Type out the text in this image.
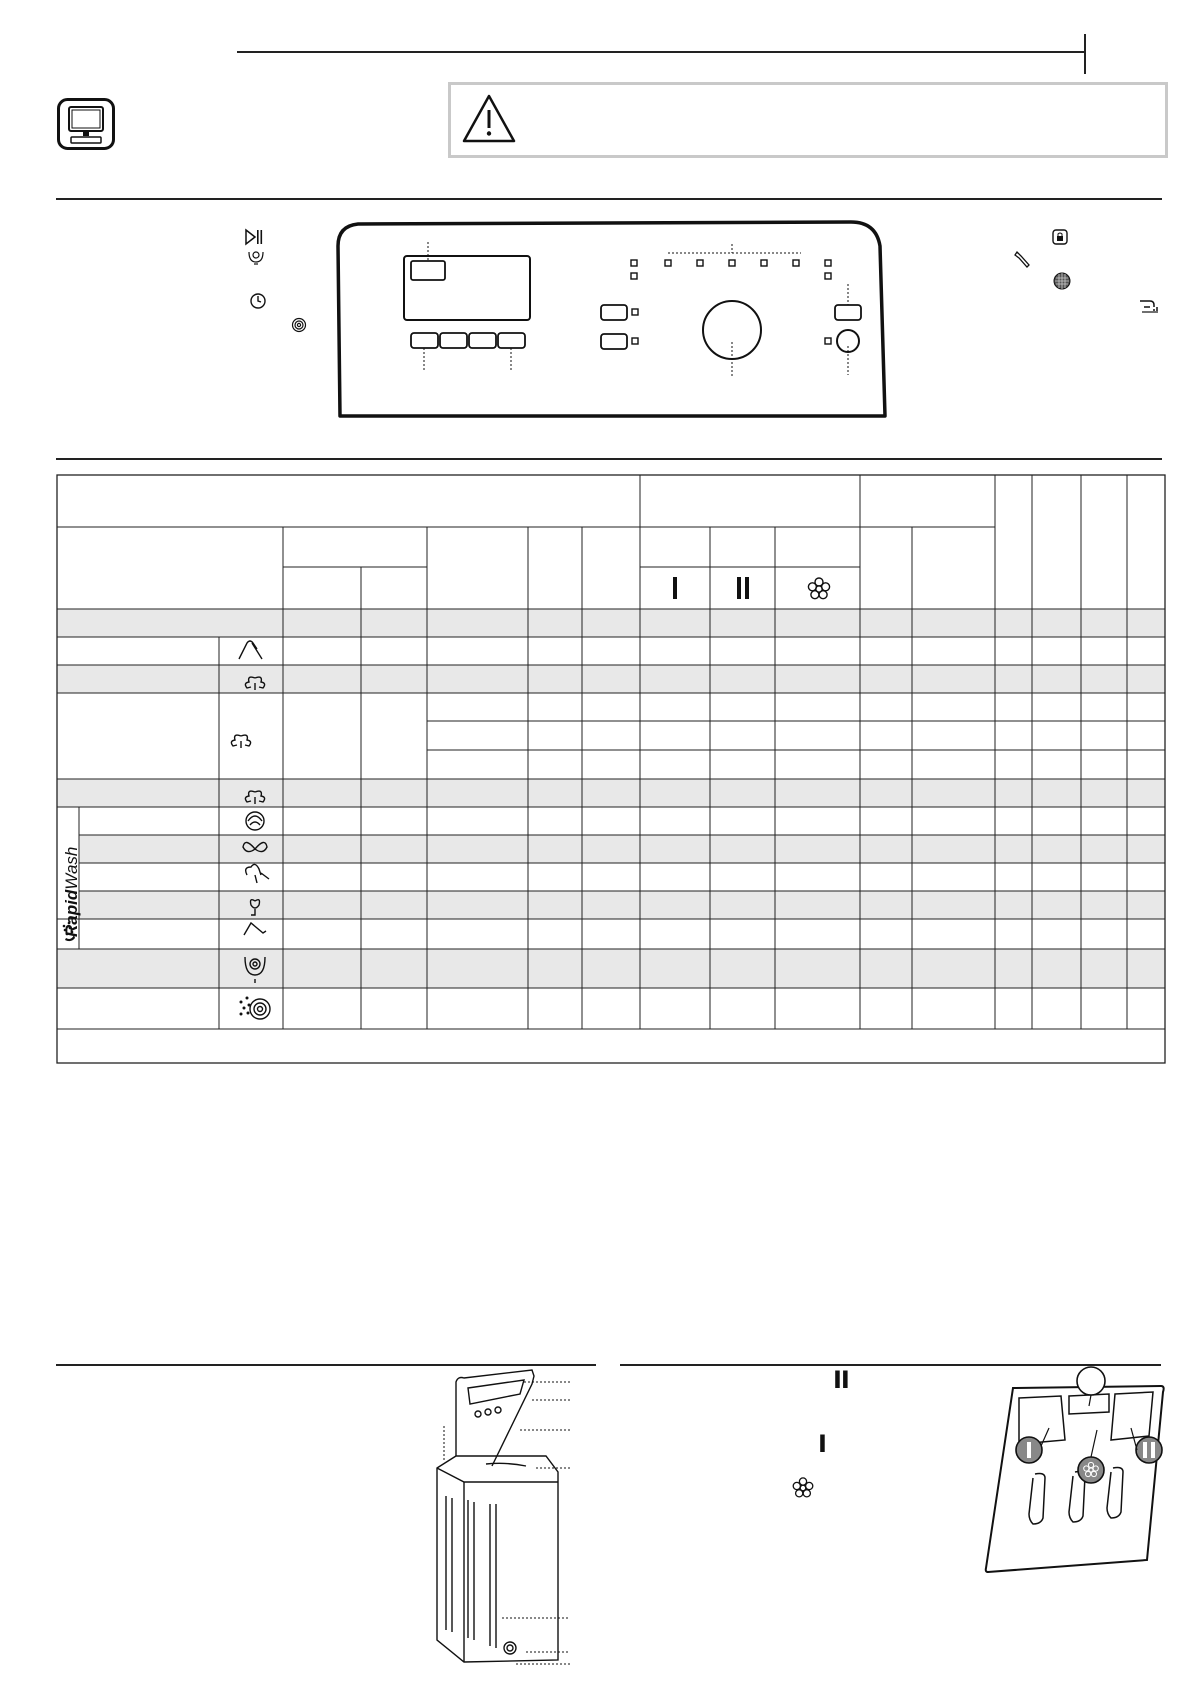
RapidWash
II
I
